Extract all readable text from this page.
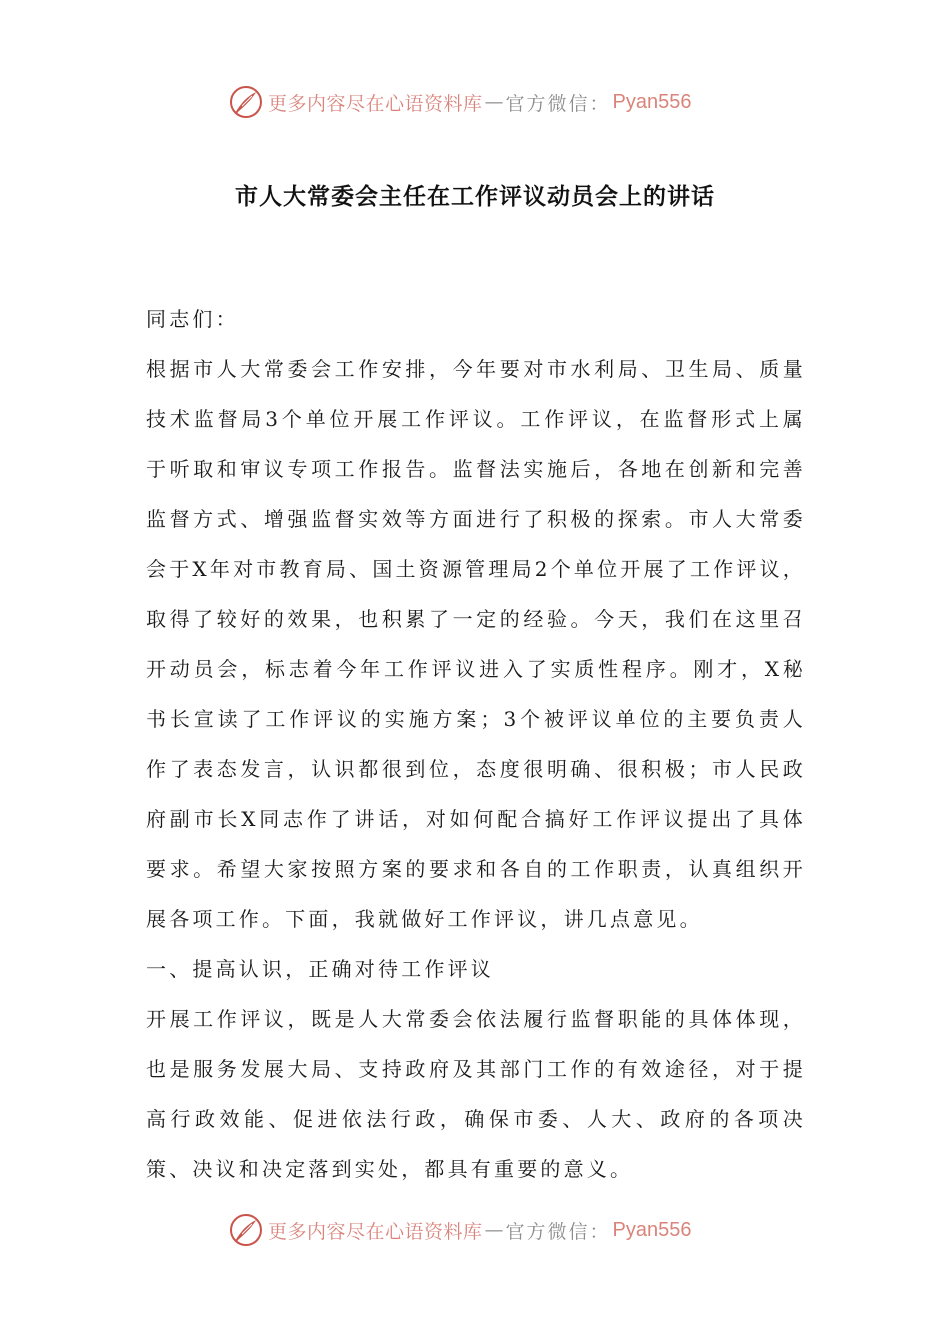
更多内容尽在心语资料库 — 官方微信： Pyan556
市人大常委会主任在工作评议动员会上的讲话

同志们：

根据市人大常委会工作安排，今年要对市水利局、卫生局、质量技术监督局3个单位开展工作评议。工作评议，在监督形式上属于听取和审议专项工作报告。监督法实施后，各地在创新和完善监督方式、增强监督实效等方面进行了积极的探索。市人大常委会于X年对市教育局、国土资源管理局2个单位开展了工作评议，取得了较好的效果，也积累了一定的经验。今天，我们在这里召开动员会，标志着今年工作评议进入了实质性程序。刚才，X秘书长宣读了工作评议的实施方案；3个被评议单位的主要负责人作了表态发言，认识都很到位，态度很明确、很积极；市人民政府副市长X同志作了讲话，对如何配合搞好工作评议提出了具体要求。希望大家按照方案的要求和各自的工作职责，认真组织开展各项工作。下面，我就做好工作评议，讲几点意见。

一、提高认识，正确对待工作评议

开展工作评议，既是人大常委会依法履行监督职能的具体体现，也是服务发展大局、支持政府及其部门工作的有效途径，对于提高行政效能、促进依法行政，确保市委、人大、政府的各项决策、决议和决定落到实处，都具有重要的意义。

更多内容尽在心语资料库 — 官方微信： Pyan556
